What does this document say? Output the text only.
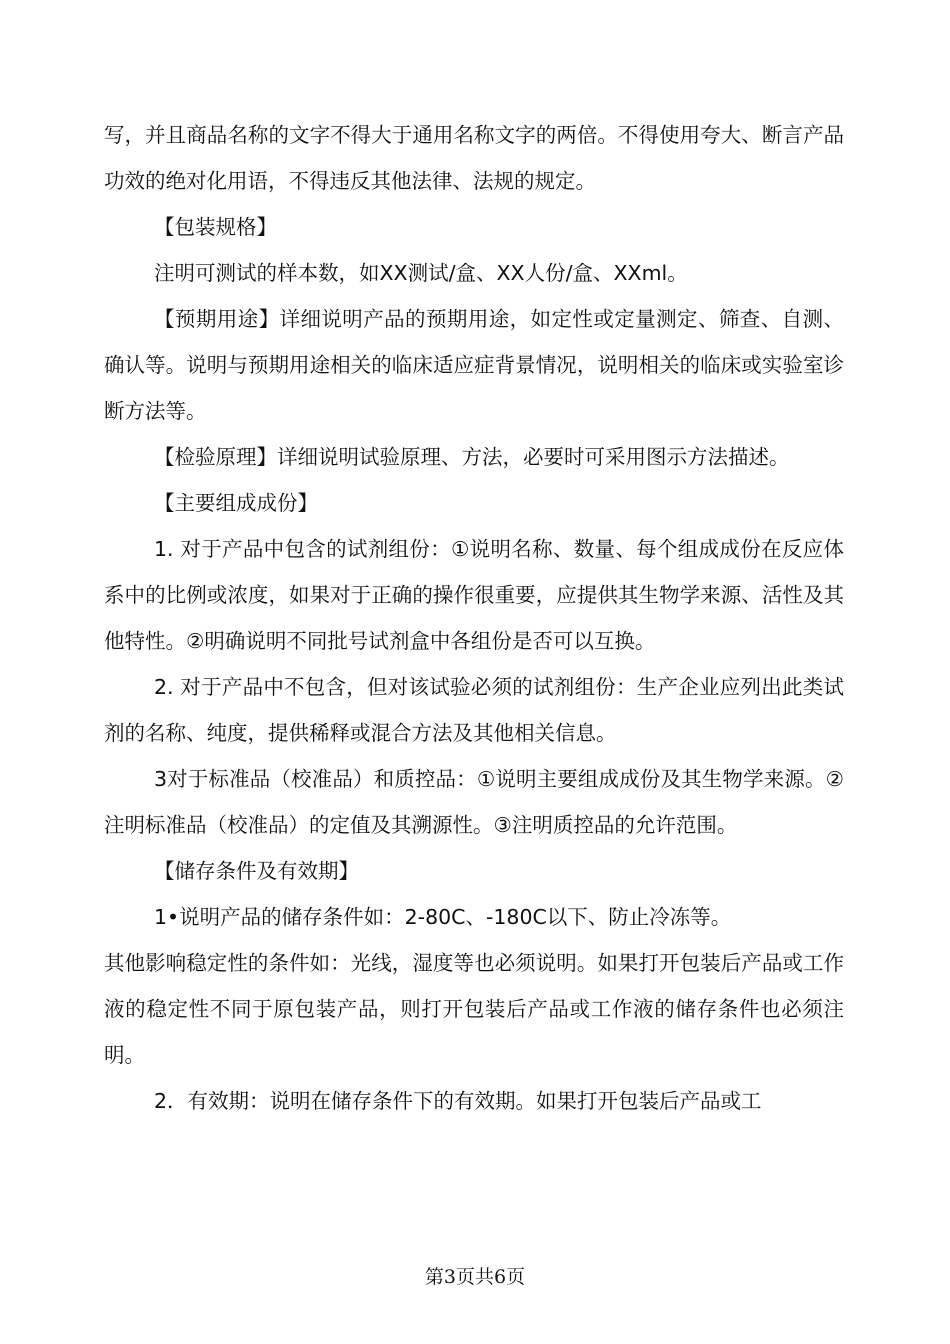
写，并且商品名称的文字不得大于通用名称文字的两倍。不得使用夸大、断言产品功效的绝对化用语，不得违反其他法律、法规的规定。

【包装规格】

注明可测试的样本数，如XX测试/盒、XX人份/盒、XXml。

【预期用途】详细说明产品的预期用途，如定性或定量测定、筛查、自测、确认等。说明与预期用途相关的临床适应症背景情况，说明相关的临床或实验室诊断方法等。

【检验原理】详细说明试验原理、方法，必要时可采用图示方法描述。

【主要组成成份】

1. 对于产品中包含的试剂组份：①说明名称、数量、每个组成成份在反应体系中的比例或浓度，如果对于正确的操作很重要，应提供其生物学来源、活性及其他特性。②明确说明不同批号试剂盒中各组份是否可以互换。

2. 对于产品中不包含，但对该试验必须的试剂组份：生产企业应列出此类试剂的名称、纯度，提供稀释或混合方法及其他相关信息。

3对于标准品（校准品）和质控品：①说明主要组成成份及其生物学来源。②注明标准品（校准品）的定值及其溯源性。③注明质控品的允许范围。

【储存条件及有效期】

1•说明产品的储存条件如：2-80C、-180C以下、防止冷冻等。

其他影响稳定性的条件如：光线，湿度等也必须说明。如果打开包装后产品或工作液的稳定性不同于原包装产品，则打开包装后产品或工作液的储存条件也必须注明。

2．有效期：说明在储存条件下的有效期。如果打开包装后产品或工

第3页共6页
